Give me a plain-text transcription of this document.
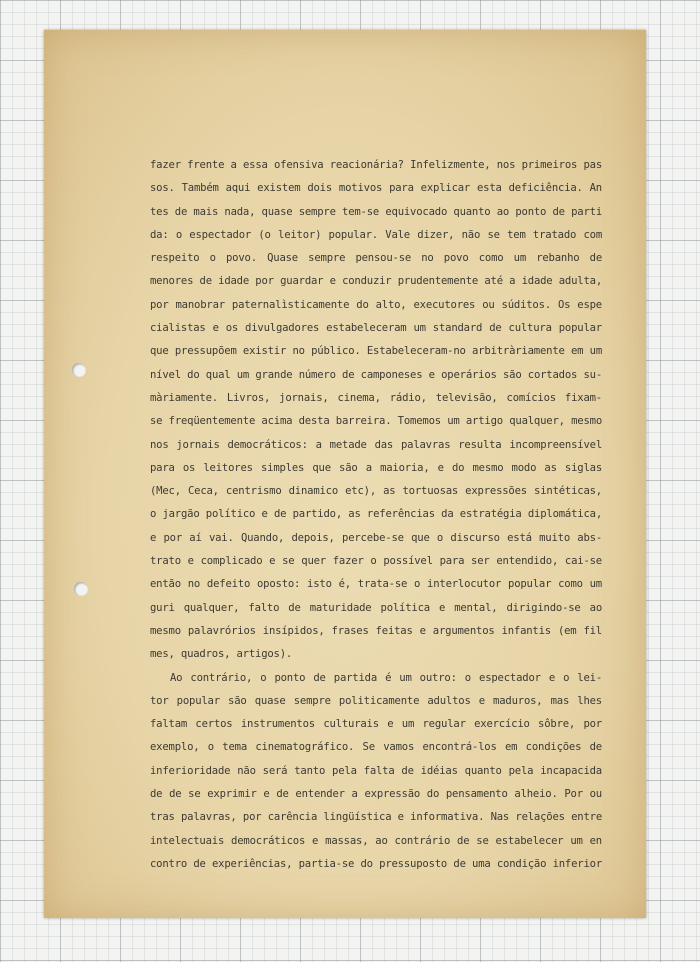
fazer frente a essa ofensiva reacionária? Infelizmente, nos primeiros pas
sos. Também aqui existem dois motivos para explicar esta deficiência. An
tes de mais nada, quase sempre tem-se equivocado quanto ao ponto de parti
da: o espectador (o leitor) popular. Vale dizer, não se tem tratado com
respeito o povo. Quase sempre pensou-se no povo como um rebanho de
menores de idade por guardar e conduzir prudentemente até a idade adulta,
por manobrar paternalìsticamente do alto, executores ou súditos. Os espe
cialistas e os divulgadores estabeleceram um standard de cultura popular
que pressupõem existir no público. Estabeleceram-no arbitràriamente em um
nível do qual um grande número de camponeses e operários são cortados su-
màriamente. Livros, jornais, cinema, rádio, televisão, comícios fixam-
se freqüentemente acima desta barreira. Tomemos um artigo qualquer, mesmo
nos jornais democráticos: a metade das palavras resulta incompreensível
para os leitores simples que são a maioria, e do mesmo modo as siglas
(Mec, Ceca, centrismo dinamico etc), as tortuosas expressões sintéticas,
o jargão político e de partido, as referências da estratégia diplomática,
e por aí vai. Quando, depois, percebe-se que o discurso está muito abs-
trato e complicado e se quer fazer o possível para ser entendido, cai-se
então no defeito oposto: isto é, trata-se o interlocutor popular como um
guri qualquer, falto de maturidade política e mental, dirigindo-se ao
mesmo palavrórios insípidos, frases feitas e argumentos infantis (em fil
mes, quadros, artigos).
Ao contrário, o ponto de partida é um outro: o espectador e o lei-
tor popular são quase sempre politicamente adultos e maduros, mas lhes
faltam certos instrumentos culturais e um regular exercício sôbre, por
exemplo, o tema cinematográfico. Se vamos encontrá-los em condições de
inferioridade não será tanto pela falta de idéias quanto pela incapacida
de de se exprimir e de entender a expressão do pensamento alheio. Por ou
tras palavras, por carência lingüística e informativa. Nas relações entre
intelectuais democráticos e massas, ao contrário de se estabelecer um en
contro de experiências, partia-se do pressuposto de uma condição inferior
